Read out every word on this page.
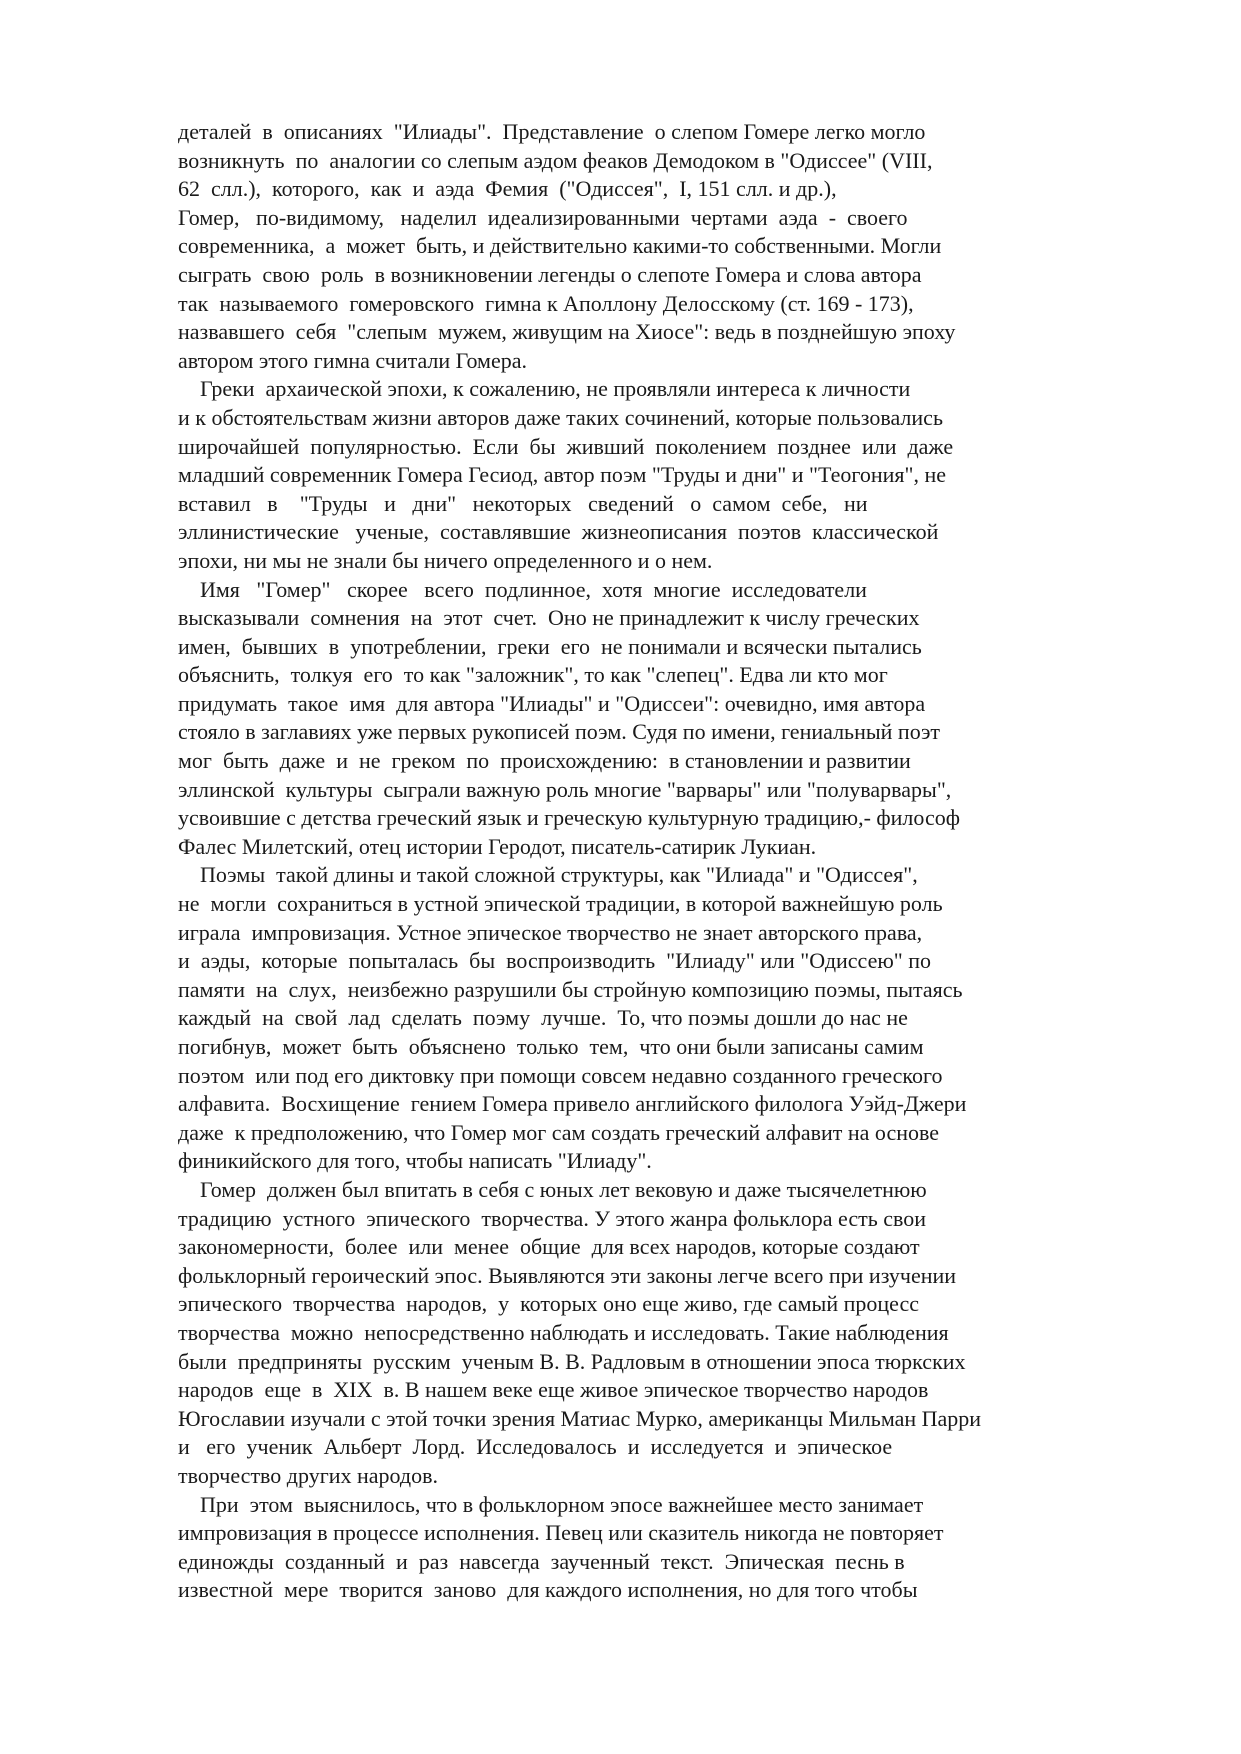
деталей  в  описаниях  "Илиады".  Представление  о слепом Гомере легко могло
возникнуть  по  аналогии со слепым аэдом феаков Демодоком в "Одиссее" (VIII,
62  слл.),  которого,  как  и  аэда  Фемия  ("Одиссея",  I, 151 слл. и др.),
Гомер,   по-видимому,   наделил  идеализированными  чертами  аэда  -  своего
современника,  а  может  быть, и действительно какими-то собственными. Могли
сыграть  свою  роль  в возникновении легенды о слепоте Гомера и слова автора
так  называемого  гомеровского  гимна к Аполлону Делосскому (ст. 169 - 173),
назвавшего  себя  "слепым  мужем, живущим на Хиосе": ведь в позднейшую эпоху
автором этого гимна считали Гомера.
Греки  архаической эпохи, к сожалению, не проявляли интереса к личности
и к обстоятельствам жизни авторов даже таких сочинений, которые пользовались
широчайшей  популярностью.  Если  бы  живший  поколением  позднее  или  даже
младший современник Гомера Гесиод, автор поэм "Труды и дни" и "Теогония", не
вставил   в    "Труды   и   дни"   некоторых   сведений   о  самом  себе,   ни
эллинистические   ученые,  составлявшие  жизнеописания  поэтов  классической
эпохи, ни мы не знали бы ничего определенного и о нем.
Имя   "Гомер"   скорее   всего  подлинное,  хотя  многие  исследователи
высказывали  сомнения  на  этот  счет.  Оно не принадлежит к числу греческих
имен,  бывших  в  употреблении,  греки  его  не понимали и всячески пытались
объяснить,  толкуя  его  то как "заложник", то как "слепец". Едва ли кто мог
придумать  такое  имя  для автора "Илиады" и "Одиссеи": очевидно, имя автора
стояло в заглавиях уже первых рукописей поэм. Судя по имени, гениальный поэт
мог  быть  даже  и  не  греком  по  происхождению:  в становлении и развитии
эллинской  культуры  сыграли важную роль многие "варвары" или "полуварвары",
усвоившие с детства греческий язык и греческую культурную традицию,- философ
Фалес Милетский, отец истории Геродот, писатель-сатирик Лукиан.
Поэмы  такой длины и такой сложной структуры, как "Илиада" и "Одиссея",
не  могли  сохраниться в устной эпической традиции, в которой важнейшую роль
играла  импровизация. Устное эпическое творчество не знает авторского права,
и  аэды,  которые  попыталась  бы  воспроизводить  "Илиаду" или "Одиссею" по
памяти  на  слух,  неизбежно разрушили бы стройную композицию поэмы, пытаясь
каждый  на  свой  лад  сделать  поэму  лучше.  То, что поэмы дошли до нас не
погибнув,  может  быть  объяснено  только  тем,  что они были записаны самим
поэтом  или под его диктовку при помощи совсем недавно созданного греческого
алфавита.  Восхищение  гением Гомера привело английского филолога Уэйд-Джери
даже  к предположению, что Гомер мог сам создать греческий алфавит на основе
финикийского для того, чтобы написать "Илиаду".
Гомер  должен был впитать в себя с юных лет вековую и даже тысячелетнюю
традицию  устного  эпического  творчества. У этого жанра фольклора есть свои
закономерности,  более  или  менее  общие  для всех народов, которые создают
фольклорный героический эпос. Выявляются эти законы легче всего при изучении
эпического  творчества  народов,  у  которых оно еще живо, где самый процесс
творчества  можно  непосредственно наблюдать и исследовать. Такие наблюдения
были  предприняты  русским  ученым В. В. Радловым в отношении эпоса тюркских
народов  еще  в  XIX  в. В нашем веке еще живое эпическое творчество народов
Югославии изучали с этой точки зрения Матиас Мурко, американцы Мильман Парри
и   его  ученик  Альберт  Лорд.  Исследовалось  и  исследуется  и  эпическое
творчество других народов.
При  этом  выяснилось, что в фольклорном эпосе важнейшее место занимает
импровизация в процессе исполнения. Певец или сказитель никогда не повторяет
единожды  созданный  и  раз  навсегда  заученный  текст.  Эпическая  песнь в
известной  мере  творится  заново  для каждого исполнения, но для того чтобы
